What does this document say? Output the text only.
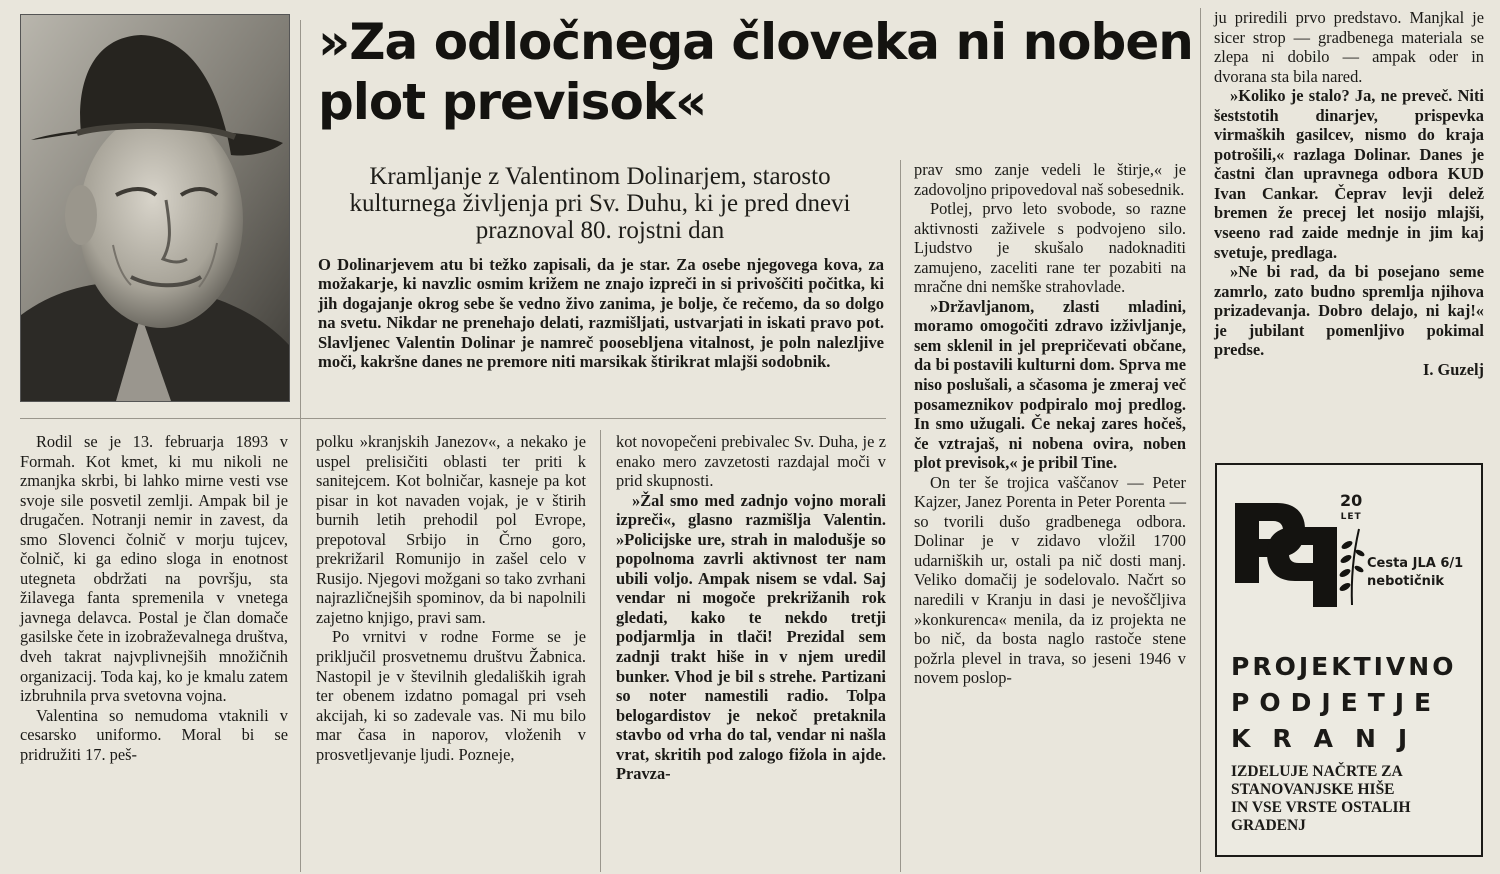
»Za odločnega človeka ni noben plot previsok«

Kramljanje z Valentinom Dolinarjem, starosto kulturnega življenja pri Sv. Duhu, ki je pred dnevi praznoval 80. rojstni dan

O Dolinarjevem atu bi težko zapisali, da je star. Za osebe njegovega kova, za možakarje, ki navzlic osmim križem ne znajo izpreči in si privoščiti počitka, ki jih dogajanje okrog sebe še vedno živo zanima, je bolje, če rečemo, da so dolgo na svetu. Nikdar ne prenehajo delati, razmišljati, ustvarjati in iskati pravo pot. Slavljenec Valentin Dolinar je namreč poosebljena vitalnost, je poln nalezljive moči, kakršne danes ne premore niti marsikak štirikrat mlajši sodobnik.

Rodil se je 13. februarja 1893 v Formah. Kot kmet, ki mu nikoli ne zmanjka skrbi, bi lahko mirne vesti vse svoje sile posvetil zemlji. Ampak bil je drugačen. Notranji nemir in zavest, da smo Slovenci čolnič v morju tujcev, čolnič, ki ga edino sloga in enotnost utegneta obdržati na površju, sta žilavega fanta spremenila v vnetega javnega delavca. Postal je član domače gasilske čete in izobraževalnega društva, dveh takrat najvplivnejših množičnih organizacij. Toda kaj, ko je kmalu zatem izbruhnila prva svetovna vojna.

Valentina so nemudoma vtaknili v cesarsko uniformo. Moral bi se pridružiti 17. peš-

polku »kranjskih Janezov«, a nekako je uspel prelisičiti oblasti ter priti k sanitejcem. Kot bolničar, kasneje pa kot pisar in kot navaden vojak, je v štirih burnih letih prehodil pol Evrope, prepotoval Srbijo in Črno goro, prekrižaril Romunijo in zašel celo v Rusijo. Njegovi možgani so tako zvrhani najrazličnejših spominov, da bi napolnili zajetno knjigo, pravi sam.

Po vrnitvi v rodne Forme se je priključil prosvetnemu društvu Žabnica. Nastopil je v številnih gledaliških igrah ter obenem izdatno pomagal pri vseh akcijah, ki so zadevale vas. Ni mu bilo mar časa in naporov, vloženih v prosvetljevanje ljudi. Pozneje,

kot novopečeni prebivalec Sv. Duha, je z enako mero zavzetosti razdajal moči v prid skupnosti.

»Žal smo med zadnjo vojno morali izpreči«, glasno razmišlja Valentin. »Policijske ure, strah in malodušje so popolnoma zavrli aktivnost ter nam ubili voljo. Ampak nisem se vdal. Saj vendar ni mogoče prekrižanih rok gledati, kako te nekdo tretji podjarmlja in tlači! Prezidal sem zadnji trakt hiše in v njem uredil bunker. Vhod je bil s strehe. Partizani so noter namestili radio. Tolpa belogardistov je nekoč pretaknila stavbo od vrha do tal, vendar ni našla vrat, skritih pod zalogo fižola in ajde. Pravza-

prav smo zanje vedeli le štirje,« je zadovoljno pripovedoval naš sobesednik.

Potlej, prvo leto svobode, so razne aktivnosti zaživele s podvojeno silo. Ljudstvo je skušalo nadoknaditi zamujeno, zaceliti rane ter pozabiti na mračne dni nemške strahovlade.

»Državljanom, zlasti mladini, moramo omogočiti zdravo izživljanje, sem sklenil in jel prepričevati občane, da bi postavili kulturni dom. Sprva me niso poslušali, a sčasoma je zmeraj več posameznikov podpiralo moj predlog. In smo užugali. Če nekaj zares hočeš, če vztrajaš, ni nobena ovira, noben plot previsok,« je pribil Tine.

On ter še trojica vaščanov — Peter Kajzer, Janez Porenta in Peter Porenta — so tvorili dušo gradbenega odbora. Dolinar je v zidavo vložil 1700 udarniških ur, ostali pa nič dosti manj. Veliko domačij je sodelovalo. Načrt so naredili v Kranju in dasi je nevoščljiva »konkurenca« menila, da iz projekta ne bo nič, da bosta naglo rastoče stene požrla plevel in trava, so jeseni 1946 v novem poslop-

ju priredili prvo predstavo. Manjkal je sicer strop — gradbenega materiala se zlepa ni dobilo — ampak oder in dvorana sta bila nared.

»Koliko je stalo? Ja, ne preveč. Niti šeststotih dinarjev, prispevka virmaških gasilcev, nismo do kraja potrošili,« razlaga Dolinar. Danes je častni član upravnega odbora KUD Ivan Cankar. Čeprav levji delež bremen že precej let nosijo mlajši, vseeno rad zaide mednje in jim kaj svetuje, predlaga.

»Ne bi rad, da bi posejano seme zamrlo, zato budno spremlja njihova prizadevanja. Dobro delajo, ni kaj!« je jubilant pomenljivo pokimal predse.

I. Guzelj

PP
20
LET
Cesta JLA 6/1
nebotičnik
PROJEKTIVNO
PODJETJE
KRANJ
IZDELUJE NAČRTE ZA
STANOVANJSKE HIŠE
IN VSE VRSTE OSTALIH
GRADENJ
